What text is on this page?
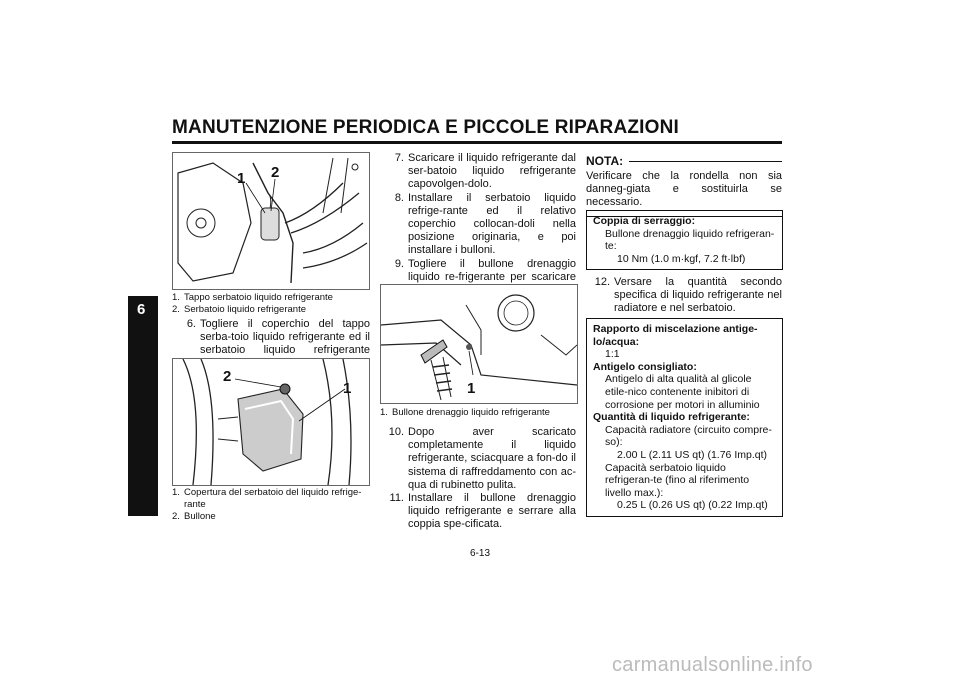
MANUTENZIONE PERIODICA E PICCOLE RIPARAZIONI
6
1 2
1. Tappo serbatoio liquido refrigerante
2. Serbatoio liquido refrigerante
6. Togliere il coperchio del tappo serba-toio liquido refrigerante ed il serbatoio liquido refrigerante
2
1
1. Copertura del serbatoio del liquido refrige-rante
2. Bullone
7. Scaricare il liquido refrigerante dal ser-batoio liquido refrigerante capovolgen-dolo.
8. Installare il serbatoio liquido refrige-rante ed il relativo coperchio collocan-doli nella posizione originaria, e poi installare i bulloni.
9. Togliere il bullone drenaggio liquido re-frigerante per scaricare
1
1. Bullone drenaggio liquido refrigerante
10. Dopo aver scaricato completamente il liquido refrigerante, sciacquare a fon-do il sistema di raffreddamento con ac-qua di rubinetto pulita.
11. Installare il bullone drenaggio liquido refrigerante e serrare alla coppia spe-cificata.
NOTA:
Verificare che la rondella non sia danneg-giata e sostituirla se necessario.
Coppia di serraggio:
Bullone drenaggio liquido refrigeran-te:
10 Nm (1.0 m·kgf, 7.2 ft·lbf)
12. Versare la quantità secondo specifica di liquido refrigerante nel radiatore e nel serbatoio.
Rapporto di miscelazione antige-lo/acqua:
1:1
Antigelo consigliato:
Antigelo di alta qualità al glicole etile-nico contenente inibitori di corrosione per motori in alluminio
Quantità di liquido refrigerante:
Capacità radiatore (circuito compre-so):
2.00 L (2.11 US qt) (1.76 Imp.qt)
Capacità serbatoio liquido refrigeran-te (fino al riferimento livello max.):
0.25 L (0.26 US qt) (0.22 Imp.qt)
6-13
carmanualsonline.info
